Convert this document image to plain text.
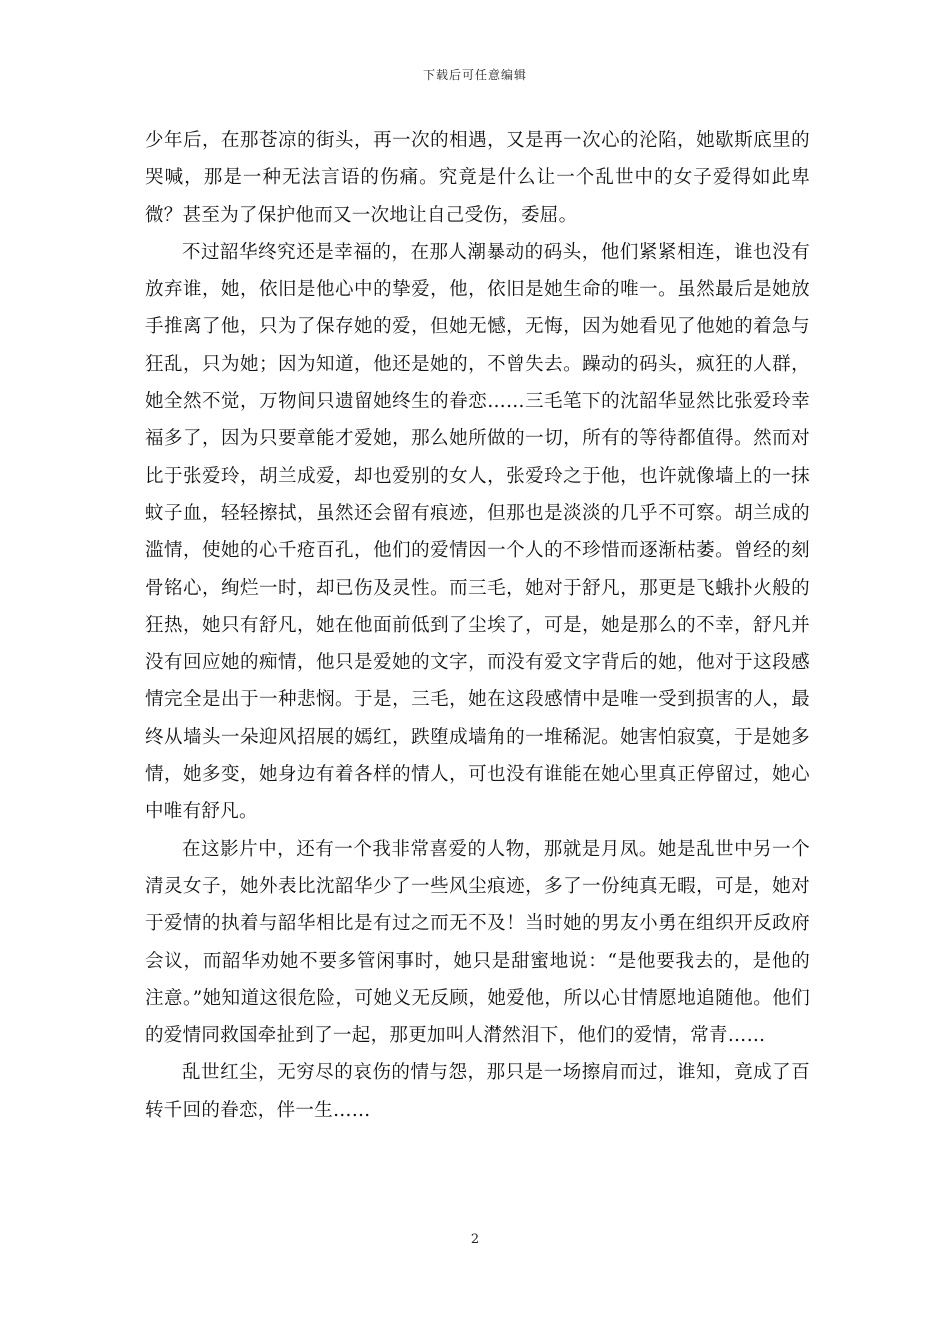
下载后可任意编辑

少年后，在那苍凉的街头，再一次的相遇，又是再一次心的沦陷，她歇斯底里的哭喊，那是一种无法言语的伤痛。究竟是什么让一个乱世中的女子爱得如此卑微？甚至为了保护他而又一次地让自己受伤，委屈。

不过韶华终究还是幸福的，在那人潮暴动的码头，他们紧紧相连，谁也没有放弃谁，她，依旧是他心中的挚爱，他，依旧是她生命的唯一。虽然最后是她放手推离了他，只为了保存她的爱，但她无憾，无悔，因为她看见了他她的着急与狂乱，只为她；因为知道，他还是她的，不曾失去。躁动的码头，疯狂的人群，她全然不觉，万物间只遗留她终生的眷恋……三毛笔下的沈韶华显然比张爱玲幸福多了，因为只要章能才爱她，那么她所做的一切，所有的等待都值得。然而对比于张爱玲，胡兰成爱，却也爱别的女人，张爱玲之于他，也许就像墙上的一抹蚊子血，轻轻擦拭，虽然还会留有痕迹，但那也是淡淡的几乎不可察。胡兰成的滥情，使她的心千疮百孔，他们的爱情因一个人的不珍惜而逐渐枯萎。曾经的刻骨铭心，绚烂一时，却已伤及灵性。而三毛，她对于舒凡，那更是飞蛾扑火般的狂热，她只有舒凡，她在他面前低到了尘埃了，可是，她是那么的不幸，舒凡并没有回应她的痴情，他只是爱她的文字，而没有爱文字背后的她，他对于这段感情完全是出于一种悲悯。于是，三毛，她在这段感情中是唯一受到损害的人，最终从墙头一朵迎风招展的嫣红，跌堕成墙角的一堆稀泥。她害怕寂寞，于是她多情，她多变，她身边有着各样的情人，可也没有谁能在她心里真正停留过，她心中唯有舒凡。

在这影片中，还有一个我非常喜爱的人物，那就是月凤。她是乱世中另一个清灵女子，她外表比沈韶华少了一些风尘痕迹，多了一份纯真无暇，可是，她对于爱情的执着与韶华相比是有过之而无不及！当时她的男友小勇在组织开反政府会议，而韶华劝她不要多管闲事时，她只是甜蜜地说：“是他要我去的，是他的注意。”她知道这很危险，可她义无反顾，她爱他，所以心甘情愿地追随他。他们的爱情同救国牵扯到了一起，那更加叫人潸然泪下，他们的爱情，常青……

乱世红尘，无穷尽的哀伤的情与怨，那只是一场擦肩而过，谁知，竟成了百转千回的眷恋，伴一生……

2
